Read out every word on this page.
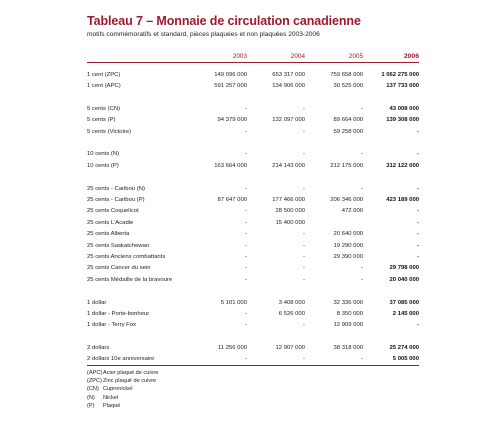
Tableau 7 – Monnaie de circulation canadienne
motifs commémoratifs et standard, pièces plaquées et non plaquées 2003-2006
	2003	2004	2005	2006

1 cent (ZPC)	149 096 000	653 317 000	759 658 000	1 062 275 000
1 cent (APC)	591 257 000	134 906 000	30 525 000	137 733 000

5 cents (CN)	-	-	-	43 008 000
5 cents (P)	94 379 000	132 097 000	89 664 000	139 308 000
5 cents (Victoire)	-	-	59 258 000	-

10 cents (N)	-	-	-	-
10 cents (P)	163 664 000	214 143 000	212 175 000	312 122 000

25 cents - Caribou (N)	-	-	-	-
25 cents - Caribou (P)	87 647 000	177 466 000	206 346 000	423 189 000
25 cents Coquelicot	-	28 500 000	472 000	-
25 cents L'Acadie	-	15 400 000		-
25 cents Alberta	-	-	20 640 000	-
25 cents Saskatchewan	-	-	19 290 000	-
25 cents Anciens combattants	-	-	29 390 000	-
25 cents Cancer du sein	-	-	-	29 798 000
25 cents Médaille de la bravoure	-	-	-	20 040 000

1 dollar	5 101 000	3 408 000	32 336 000	37 085 000
1 dollar - Porte-bonheur	-	6 526 000	8 350 000	2 145 000
1 dollar - Terry Fox	-	-	12 909 000	-

2 dollars	11 256 000	12 907 000	38 318 000	25 274 000
2 dollars 10e anniversaire	-	-	-	5 005 000
(APC)Acier plaqué de cuivre
(ZPC)Zinc plaqué de cuivre
(CN) Cupronickel
(N) Nickel
(P) Plaqué
